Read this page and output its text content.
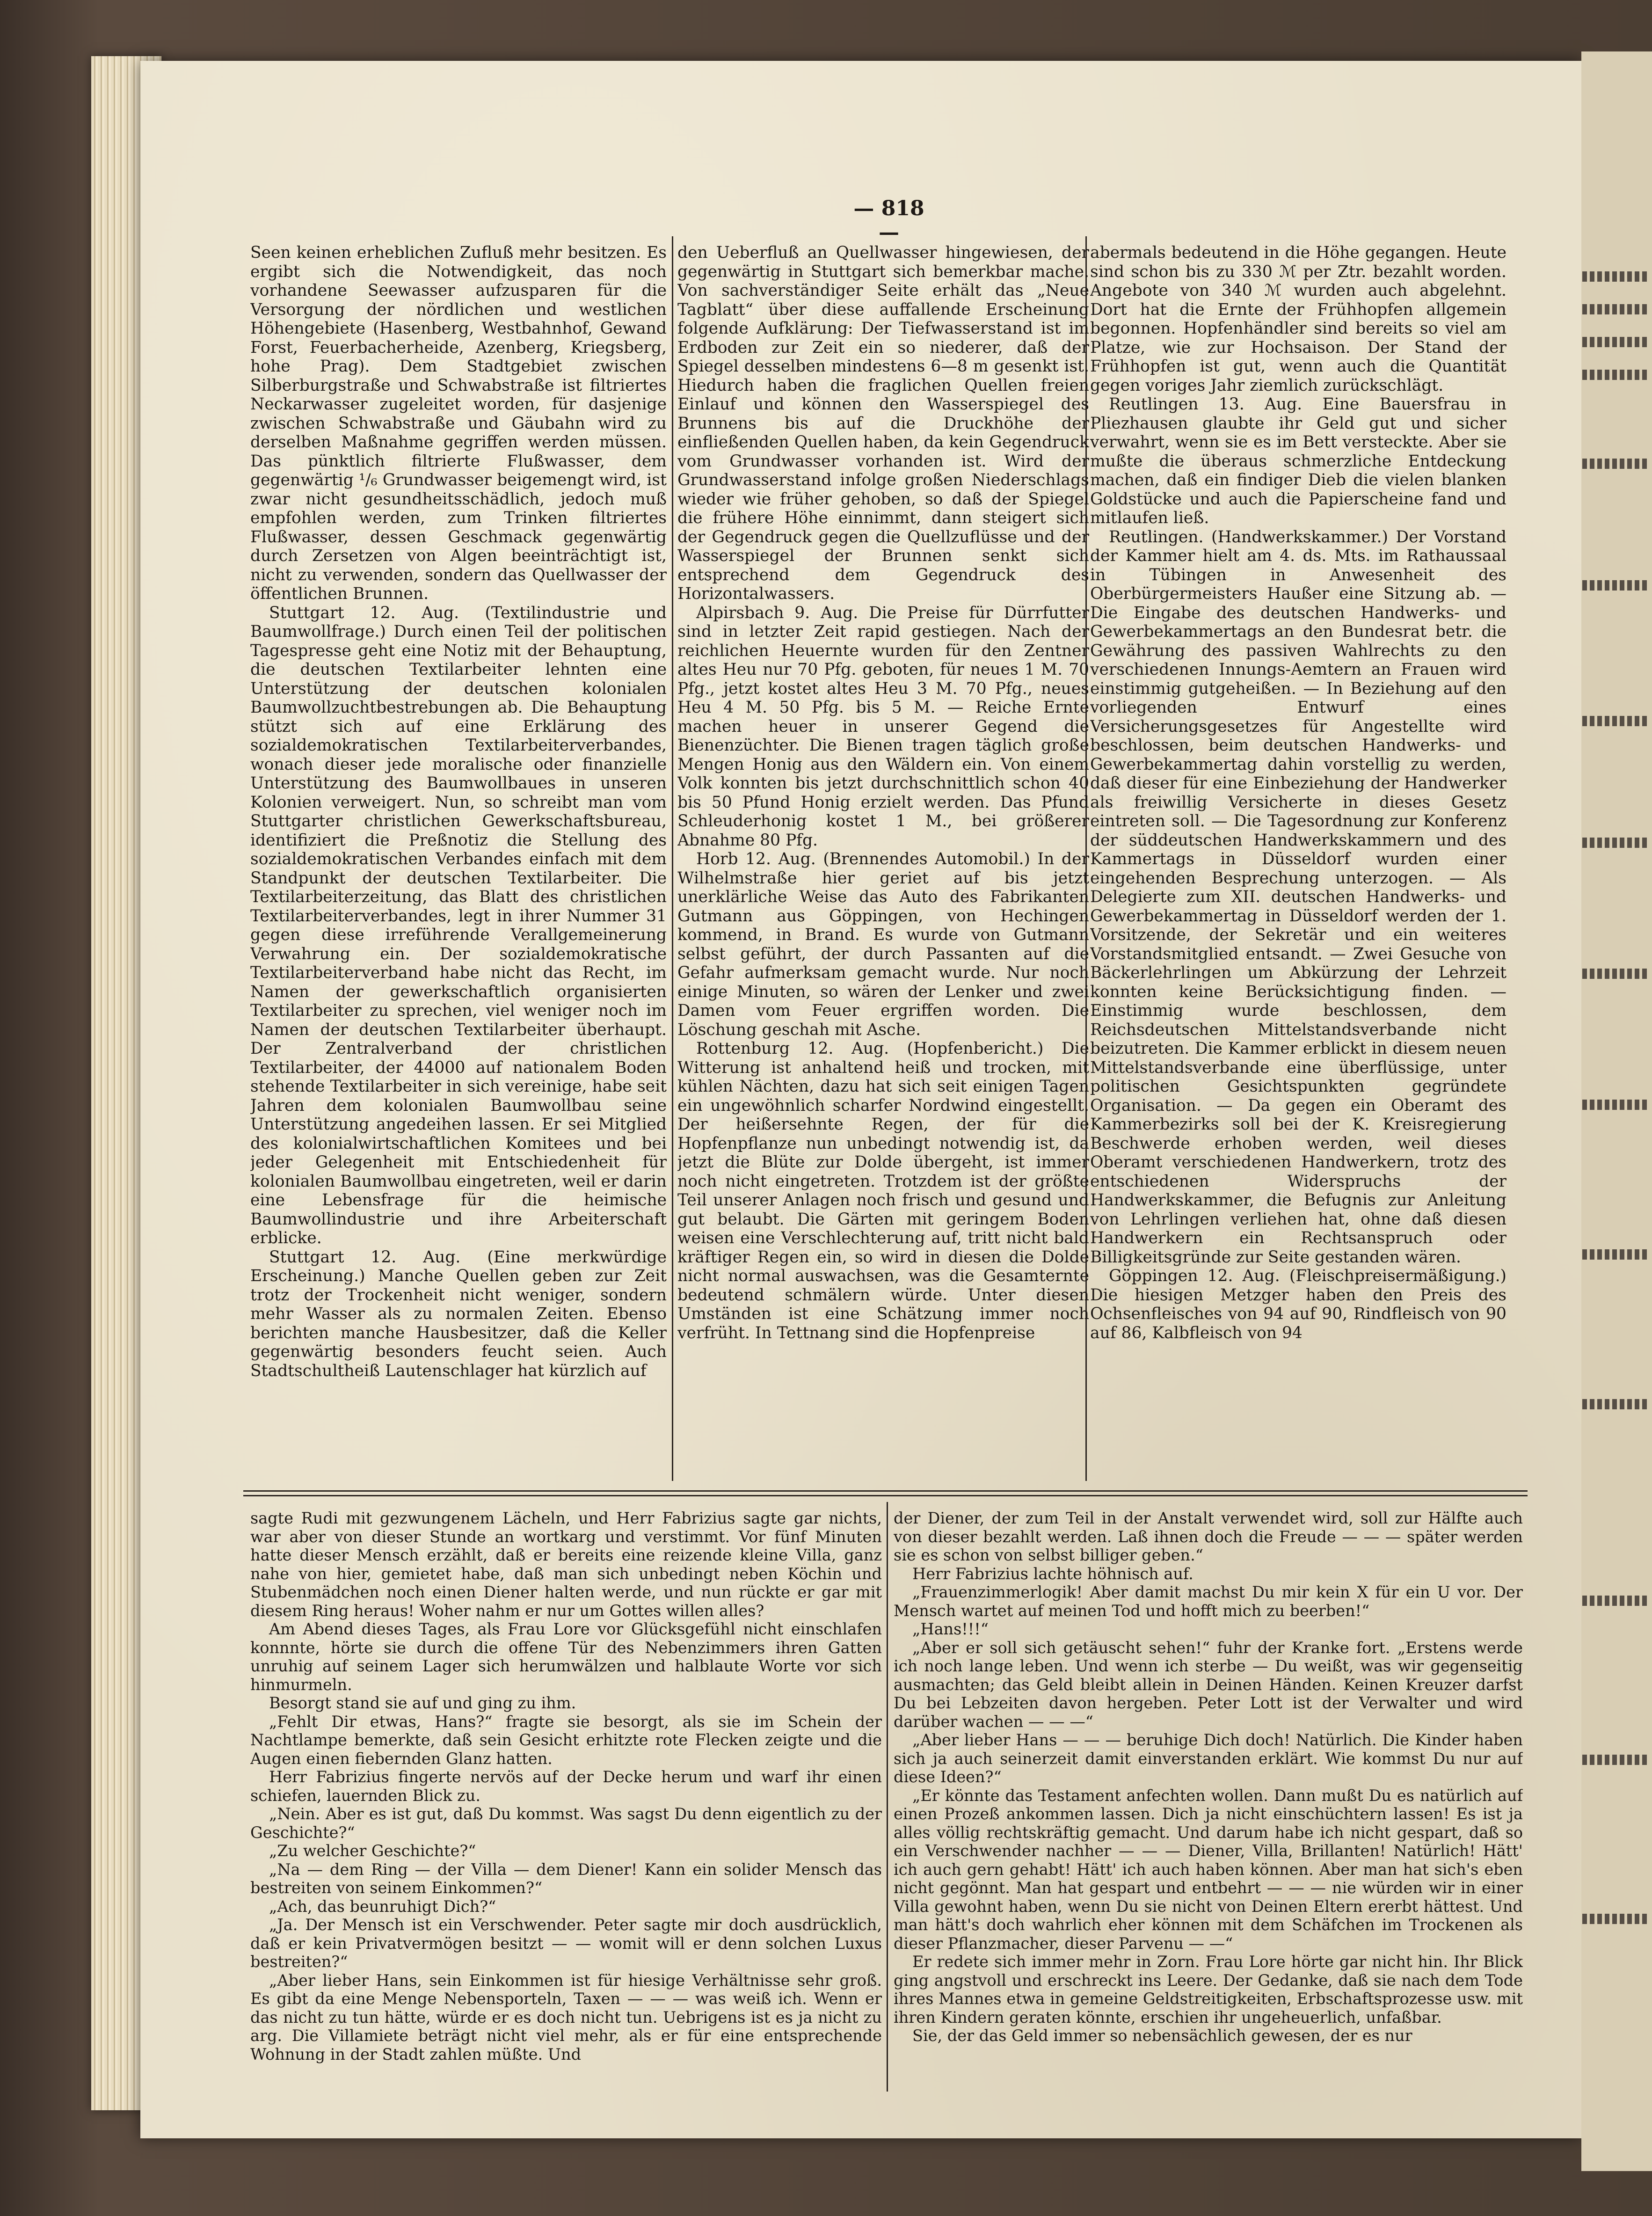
— 818 —

Seen keinen erheblichen Zufluß mehr besitzen. Es ergibt sich die Notwendigkeit, das noch vorhandene Seewasser aufzusparen für die Versorgung der nördlichen und westlichen Höhengebiete (Hasenberg, Westbahnhof, Gewand Forst, Feuerbacherheide, Azenberg, Kriegsberg, hohe Prag). Dem Stadtgebiet zwischen Silberburgstraße und Schwabstraße ist filtriertes Neckarwasser zugeleitet worden, für dasjenige zwischen Schwabstraße und Gäubahn wird zu derselben Maßnahme gegriffen werden müssen. Das pünktlich filtrierte Flußwasser, dem gegenwärtig ¹/₆ Grundwasser beigemengt wird, ist zwar nicht gesundheitsschädlich, jedoch muß empfohlen werden, zum Trinken filtriertes Flußwasser, dessen Geschmack gegenwärtig durch Zersetzen von Algen beeinträchtigt ist, nicht zu verwenden, sondern das Quellwasser der öffentlichen Brunnen.

Stuttgart 12. Aug. (Textilindustrie und Baumwollfrage.) Durch einen Teil der politischen Tagespresse geht eine Notiz mit der Behauptung, die deutschen Textilarbeiter lehnten eine Unterstützung der deutschen kolonialen Baumwollzuchtbestrebungen ab. Die Behauptung stützt sich auf eine Erklärung des sozialdemokratischen Textilarbeiterverbandes, wonach dieser jede moralische oder finanzielle Unterstützung des Baumwollbaues in unseren Kolonien verweigert. Nun, so schreibt man vom Stuttgarter christlichen Gewerkschaftsbureau, identifiziert die Preßnotiz die Stellung des sozialdemokratischen Verbandes einfach mit dem Standpunkt der deutschen Textilarbeiter. Die Textilarbeiterzeitung, das Blatt des christlichen Textilarbeiterverbandes, legt in ihrer Nummer 31 gegen diese irreführende Verallgemeinerung Verwahrung ein. Der sozialdemokratische Textilarbeiterverband habe nicht das Recht, im Namen der gewerkschaftlich organisierten Textilarbeiter zu sprechen, viel weniger noch im Namen der deutschen Textilarbeiter überhaupt. Der Zentralverband der christlichen Textilarbeiter, der 44000 auf nationalem Boden stehende Textilarbeiter in sich vereinige, habe seit Jahren dem kolonialen Baumwollbau seine Unterstützung angedeihen lassen. Er sei Mitglied des kolonialwirtschaftlichen Komitees und bei jeder Gelegenheit mit Entschiedenheit für kolonialen Baumwollbau eingetreten, weil er darin eine Lebensfrage für die heimische Baumwollindustrie und ihre Arbeiterschaft erblicke.

Stuttgart 12. Aug. (Eine merkwürdige Erscheinung.) Manche Quellen geben zur Zeit trotz der Trockenheit nicht weniger, sondern mehr Wasser als zu normalen Zeiten. Ebenso berichten manche Hausbesitzer, daß die Keller gegenwärtig besonders feucht seien. Auch Stadtschultheiß Lautenschlager hat kürzlich auf

den Ueberfluß an Quellwasser hingewiesen, der gegenwärtig in Stuttgart sich bemerkbar mache. Von sachverständiger Seite erhält das „Neue Tagblatt“ über diese auffallende Erscheinung folgende Aufklärung: Der Tiefwasserstand ist im Erdboden zur Zeit ein so niederer, daß der Spiegel desselben mindestens 6—8 m gesenkt ist. Hiedurch haben die fraglichen Quellen freien Einlauf und können den Wasserspiegel des Brunnens bis auf die Druckhöhe der einfließenden Quellen haben, da kein Gegendruck vom Grundwasser vorhanden ist. Wird der Grundwasserstand infolge großen Niederschlags wieder wie früher gehoben, so daß der Spiegel die frühere Höhe einnimmt, dann steigert sich der Gegendruck gegen die Quellzuflüsse und der Wasserspiegel der Brunnen senkt sich entsprechend dem Gegendruck des Horizontalwassers.

Alpirsbach 9. Aug. Die Preise für Dürrfutter sind in letzter Zeit rapid gestiegen. Nach der reichlichen Heuernte wurden für den Zentner altes Heu nur 70 Pfg. geboten, für neues 1 M. 70 Pfg., jetzt kostet altes Heu 3 M. 70 Pfg., neues Heu 4 M. 50 Pfg. bis 5 M. — Reiche Ernte machen heuer in unserer Gegend die Bienenzüchter. Die Bienen tragen täglich große Mengen Honig aus den Wäldern ein. Von einem Volk konnten bis jetzt durchschnittlich schon 40 bis 50 Pfund Honig erzielt werden. Das Pfund Schleuderhonig kostet 1 M., bei größerer Abnahme 80 Pfg.

Horb 12. Aug. (Brennendes Automobil.) In der Wilhelmstraße hier geriet auf bis jetzt unerklärliche Weise das Auto des Fabrikanten Gutmann aus Göppingen, von Hechingen kommend, in Brand. Es wurde von Gutmann selbst geführt, der durch Passanten auf die Gefahr aufmerksam gemacht wurde. Nur noch einige Minuten, so wären der Lenker und zwei Damen vom Feuer ergriffen worden. Die Löschung geschah mit Asche.

Rottenburg 12. Aug. (Hopfenbericht.) Die Witterung ist anhaltend heiß und trocken, mit kühlen Nächten, dazu hat sich seit einigen Tagen ein ungewöhnlich scharfer Nordwind eingestellt. Der heißersehnte Regen, der für die Hopfenpflanze nun unbedingt notwendig ist, da jetzt die Blüte zur Dolde übergeht, ist immer noch nicht eingetreten. Trotzdem ist der größte Teil unserer Anlagen noch frisch und gesund und gut belaubt. Die Gärten mit geringem Boden weisen eine Verschlechterung auf, tritt nicht bald kräftiger Regen ein, so wird in diesen die Dolde nicht normal auswachsen, was die Gesamternte bedeutend schmälern würde. Unter diesen Umständen ist eine Schätzung immer noch verfrüht. In Tettnang sind die Hopfenpreise

abermals bedeutend in die Höhe gegangen. Heute sind schon bis zu 330 ℳ per Ztr. bezahlt worden. Angebote von 340 ℳ wurden auch abgelehnt. Dort hat die Ernte der Frühhopfen allgemein begonnen. Hopfenhändler sind bereits so viel am Platze, wie zur Hochsaison. Der Stand der Frühhopfen ist gut, wenn auch die Quantität gegen voriges Jahr ziemlich zurückschlägt.

Reutlingen 13. Aug. Eine Bauersfrau in Pliezhausen glaubte ihr Geld gut und sicher verwahrt, wenn sie es im Bett versteckte. Aber sie mußte die überaus schmerzliche Entdeckung machen, daß ein findiger Dieb die vielen blanken Goldstücke und auch die Papierscheine fand und mitlaufen ließ.

Reutlingen. (Handwerkskammer.) Der Vorstand der Kammer hielt am 4. ds. Mts. im Rathaussaal in Tübingen in Anwesenheit des Oberbürgermeisters Haußer eine Sitzung ab. — Die Eingabe des deutschen Handwerks- und Gewerbekammertags an den Bundesrat betr. die Gewährung des passiven Wahlrechts zu den verschiedenen Innungs-Aemtern an Frauen wird einstimmig gutgeheißen. — In Beziehung auf den vorliegenden Entwurf eines Versicherungsgesetzes für Angestellte wird beschlossen, beim deutschen Handwerks- und Gewerbekammertag dahin vorstellig zu werden, daß dieser für eine Einbeziehung der Handwerker als freiwillig Versicherte in dieses Gesetz eintreten soll. — Die Tagesordnung zur Konferenz der süddeutschen Handwerkskammern und des Kammertags in Düsseldorf wurden einer eingehenden Besprechung unterzogen. — Als Delegierte zum XII. deutschen Handwerks- und Gewerbekammertag in Düsseldorf werden der 1. Vorsitzende, der Sekretär und ein weiteres Vorstandsmitglied entsandt. — Zwei Gesuche von Bäckerlehrlingen um Abkürzung der Lehrzeit konnten keine Berücksichtigung finden. — Einstimmig wurde beschlossen, dem Reichsdeutschen Mittelstandsverbande nicht beizutreten. Die Kammer erblickt in diesem neuen Mittelstandsverbande eine überflüssige, unter politischen Gesichtspunkten gegründete Organisation. — Da gegen ein Oberamt des Kammerbezirks soll bei der K. Kreisregierung Beschwerde erhoben werden, weil dieses Oberamt verschiedenen Handwerkern, trotz des entschiedenen Widerspruchs der Handwerkskammer, die Befugnis zur Anleitung von Lehrlingen verliehen hat, ohne daß diesen Handwerkern ein Rechtsanspruch oder Billigkeitsgründe zur Seite gestanden wären.

Göppingen 12. Aug. (Fleischpreisermäßigung.) Die hiesigen Metzger haben den Preis des Ochsenfleisches von 94 auf 90, Rindfleisch von 90 auf 86, Kalbfleisch von 94

sagte Rudi mit gezwungenem Lächeln, und Herr Fabrizius sagte gar nichts, war aber von dieser Stunde an wortkarg und verstimmt. Vor fünf Minuten hatte dieser Mensch erzählt, daß er bereits eine reizende kleine Villa, ganz nahe von hier, gemietet habe, daß man sich unbedingt neben Köchin und Stubenmädchen noch einen Diener halten werde, und nun rückte er gar mit diesem Ring heraus! Woher nahm er nur um Gottes willen alles?

Am Abend dieses Tages, als Frau Lore vor Glücksgefühl nicht einschlafen konnnte, hörte sie durch die offene Tür des Nebenzimmers ihren Gatten unruhig auf seinem Lager sich herumwälzen und halblaute Worte vor sich hinmurmeln.

Besorgt stand sie auf und ging zu ihm.

„Fehlt Dir etwas, Hans?“ fragte sie besorgt, als sie im Schein der Nachtlampe bemerkte, daß sein Gesicht erhitzte rote Flecken zeigte und die Augen einen fiebernden Glanz hatten.

Herr Fabrizius fingerte nervös auf der Decke herum und warf ihr einen schiefen, lauernden Blick zu.

„Nein. Aber es ist gut, daß Du kommst. Was sagst Du denn eigentlich zu der Geschichte?“

„Zu welcher Geschichte?“

„Na — dem Ring — der Villa — dem Diener! Kann ein solider Mensch das bestreiten von seinem Einkommen?“

„Ach, das beunruhigt Dich?“

„Ja. Der Mensch ist ein Verschwender. Peter sagte mir doch ausdrücklich, daß er kein Privatvermögen besitzt — — womit will er denn solchen Luxus bestreiten?“

„Aber lieber Hans, sein Einkommen ist für hiesige Verhältnisse sehr groß. Es gibt da eine Menge Nebensporteln, Taxen — — — was weiß ich. Wenn er das nicht zu tun hätte, würde er es doch nicht tun. Uebrigens ist es ja nicht zu arg. Die Villamiete beträgt nicht viel mehr, als er für eine entsprechende Wohnung in der Stadt zahlen müßte. Und

der Diener, der zum Teil in der Anstalt verwendet wird, soll zur Hälfte auch von dieser bezahlt werden. Laß ihnen doch die Freude — — — später werden sie es schon von selbst billiger geben.“

Herr Fabrizius lachte höhnisch auf.

„Frauenzimmerlogik! Aber damit machst Du mir kein X für ein U vor. Der Mensch wartet auf meinen Tod und hofft mich zu beerben!“

„Hans!!!“

„Aber er soll sich getäuscht sehen!“ fuhr der Kranke fort. „Erstens werde ich noch lange leben. Und wenn ich sterbe — Du weißt, was wir gegenseitig ausmachten; das Geld bleibt allein in Deinen Händen. Keinen Kreuzer darfst Du bei Lebzeiten davon hergeben. Peter Lott ist der Verwalter und wird darüber wachen — — —“

„Aber lieber Hans — — — beruhige Dich doch! Natürlich. Die Kinder haben sich ja auch seinerzeit damit einverstanden erklärt. Wie kommst Du nur auf diese Ideen?“

„Er könnte das Testament anfechten wollen. Dann mußt Du es natürlich auf einen Prozeß ankommen lassen. Dich ja nicht einschüchtern lassen! Es ist ja alles völlig rechtskräftig gemacht. Und darum habe ich nicht gespart, daß so ein Verschwender nachher — — — Diener, Villa, Brillanten! Natürlich! Hätt' ich auch gern gehabt! Hätt' ich auch haben können. Aber man hat sich's eben nicht gegönnt. Man hat gespart und entbehrt — — — nie würden wir in einer Villa gewohnt haben, wenn Du sie nicht von Deinen Eltern ererbt hättest. Und man hätt's doch wahrlich eher können mit dem Schäfchen im Trockenen als dieser Pflanzmacher, dieser Parvenu — —“

Er redete sich immer mehr in Zorn. Frau Lore hörte gar nicht hin. Ihr Blick ging angstvoll und erschreckt ins Leere. Der Gedanke, daß sie nach dem Tode ihres Mannes etwa in gemeine Geldstreitigkeiten, Erbschaftsprozesse usw. mit ihren Kindern geraten könnte, erschien ihr ungeheuerlich, unfaßbar.

Sie, der das Geld immer so nebensächlich gewesen, der es nur
